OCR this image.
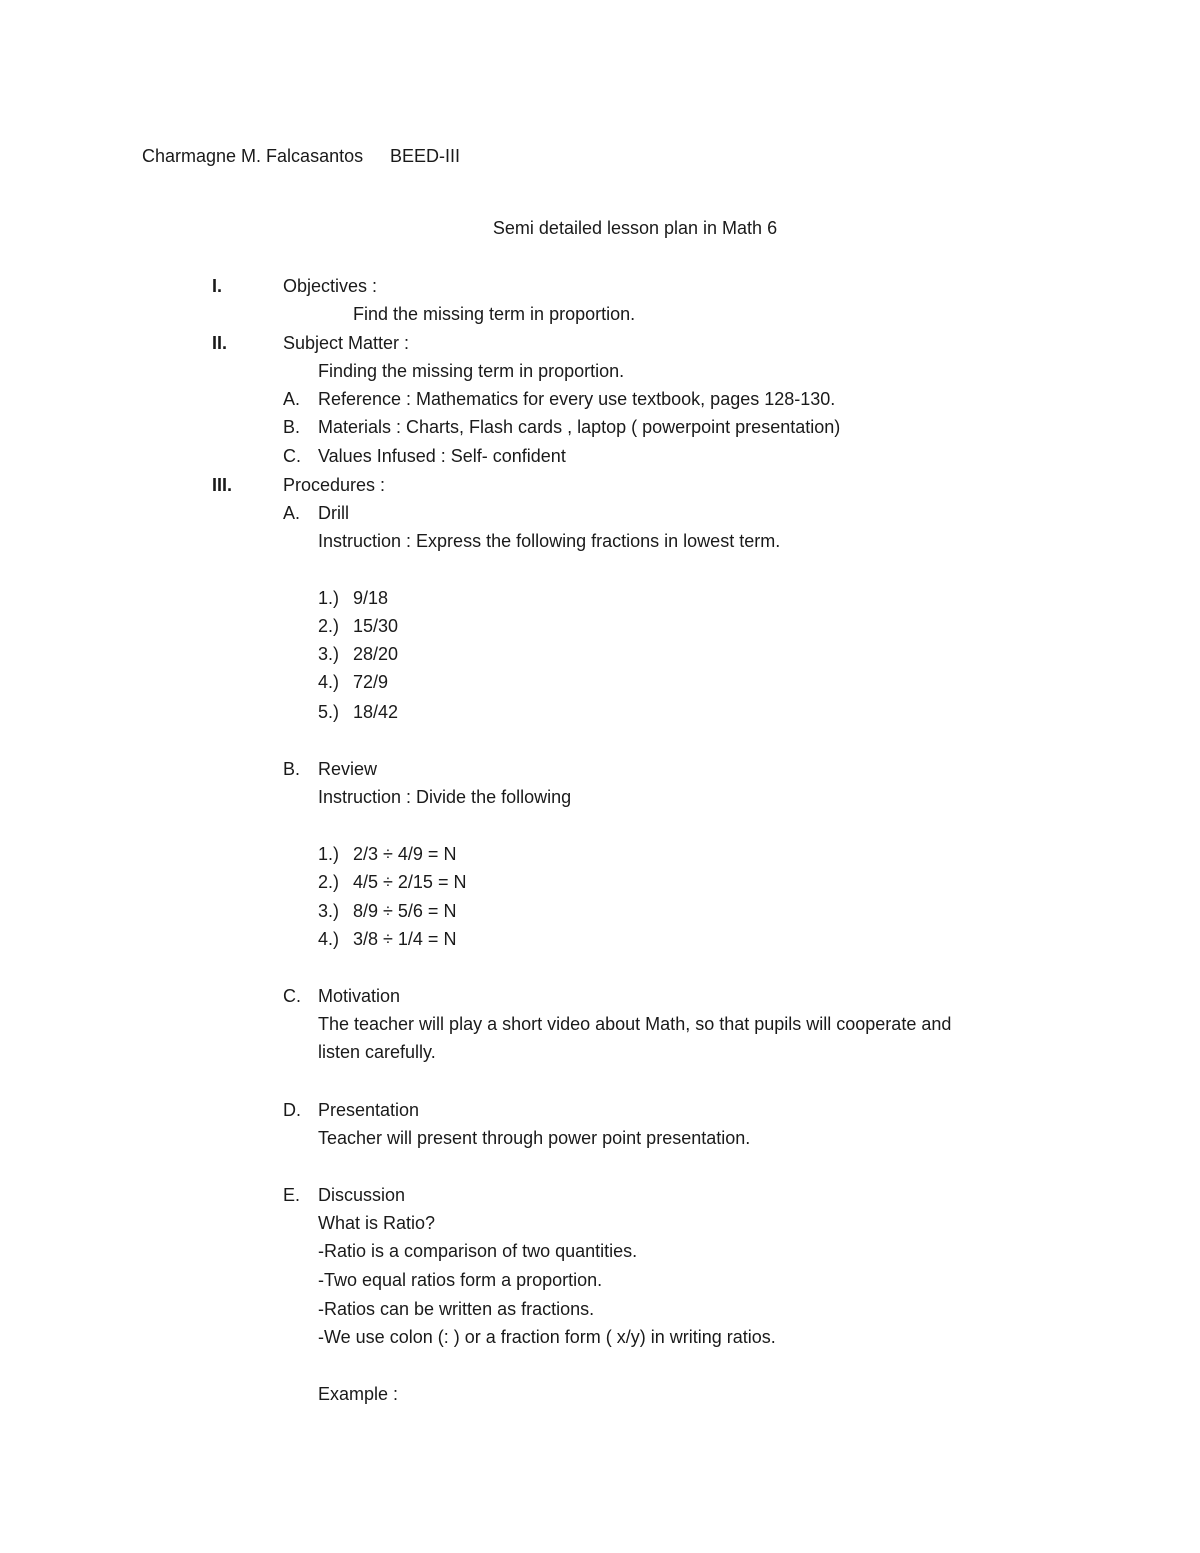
Charmagne M. Falcasantos BEED-III
Semi detailed lesson plan in Math 6
I.	Objectives :
Find the missing term in proportion.
II.	Subject Matter :
Finding the missing term in proportion.
A. Reference : Mathematics for every use textbook, pages 128-130.
B. Materials : Charts, Flash cards , laptop ( powerpoint presentation)
C. Values Infused : Self- confident
III.	Procedures :
A. Drill
Instruction : Express the following fractions in lowest term.
1.) 9/18
2.) 15/30
3.) 28/20
4.) 72/9
5.) 18/42
B. Review
Instruction : Divide the following
1.) 2/3 ÷ 4/9 = N
2.) 4/5 ÷ 2/15 = N
3.) 8/9 ÷ 5/6 = N
4.) 3/8 ÷ 1/4 = N
C. Motivation
The teacher will play a short video about Math, so that pupils will cooperate and
listen carefully.
D. Presentation
Teacher will present through power point presentation.
E. Discussion
What is Ratio?
-Ratio is a comparison of two quantities.
-Two equal ratios form a proportion.
-Ratios can be written as fractions.
-We use colon (: ) or a fraction form ( x/y) in writing ratios.
Example :
